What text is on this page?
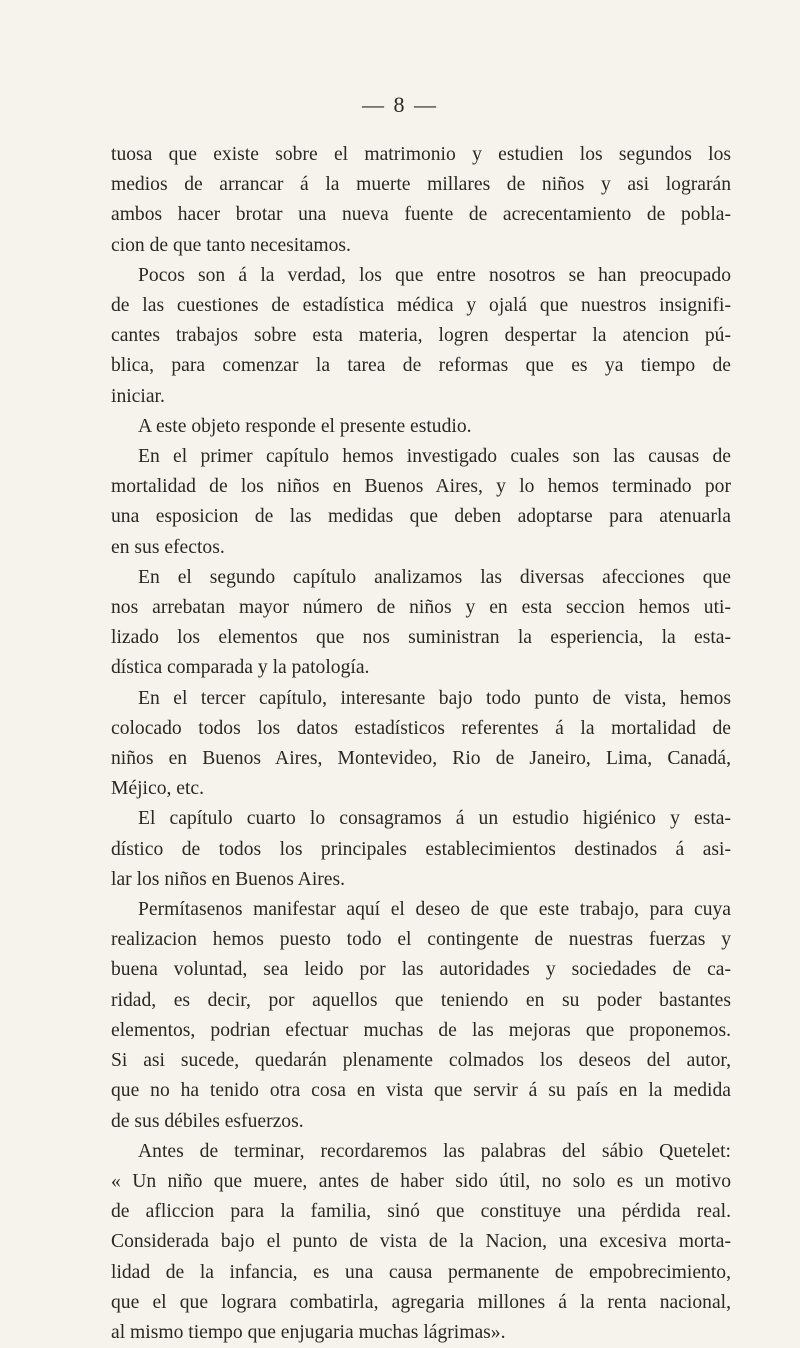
— 8 —
tuosa que existe sobre el matrimonio y estudien los segundos los
medios de arrancar á la muerte millares de niños y asi lograrán
ambos hacer brotar una nueva fuente de acrecentamiento de pobla-
cion de que tanto necesitamos.
Pocos son á la verdad, los que entre nosotros se han preocupado
de las cuestiones de estadística médica y ojalá que nuestros insignifi-
cantes trabajos sobre esta materia, logren despertar la atencion pú-
blica, para comenzar la tarea de reformas que es ya tiempo de
iniciar.
A este objeto responde el presente estudio.
En el primer capítulo hemos investigado cuales son las causas de
mortalidad de los niños en Buenos Aires, y lo hemos terminado por
una esposicion de las medidas que deben adoptarse para atenuarla
en sus efectos.
En el segundo capítulo analizamos las diversas afecciones que
nos arrebatan mayor número de niños y en esta seccion hemos uti-
lizado los elementos que nos suministran la esperiencia, la esta-
dística comparada y la patología.
En el tercer capítulo, interesante bajo todo punto de vista, hemos
colocado todos los datos estadísticos referentes á la mortalidad de
niños en Buenos Aires, Montevideo, Rio de Janeiro, Lima, Canadá,
Méjico, etc.
El capítulo cuarto lo consagramos á un estudio higiénico y esta-
dístico de todos los principales establecimientos destinados á asi-
lar los niños en Buenos Aires.
Permítasenos manifestar aquí el deseo de que este trabajo, para cuya
realizacion hemos puesto todo el contingente de nuestras fuerzas y
buena voluntad, sea leido por las autoridades y sociedades de ca-
ridad, es decir, por aquellos que teniendo en su poder bastantes
elementos, podrian efectuar muchas de las mejoras que proponemos.
Si asi sucede, quedarán plenamente colmados los deseos del autor,
que no ha tenido otra cosa en vista que servir á su país en la medida
de sus débiles esfuerzos.
Antes de terminar, recordaremos las palabras del sábio Quetelet:
« Un niño que muere, antes de haber sido útil, no solo es un motivo
de afliccion para la familia, sinó que constituye una pérdida real.
Considerada bajo el punto de vista de la Nacion, una excesiva morta-
lidad de la infancia, es una causa permanente de empobrecimiento,
que el que lograra combatirla, agregaria millones á la renta nacional,
al mismo tiempo que enjugaria muchas lágrimas».
